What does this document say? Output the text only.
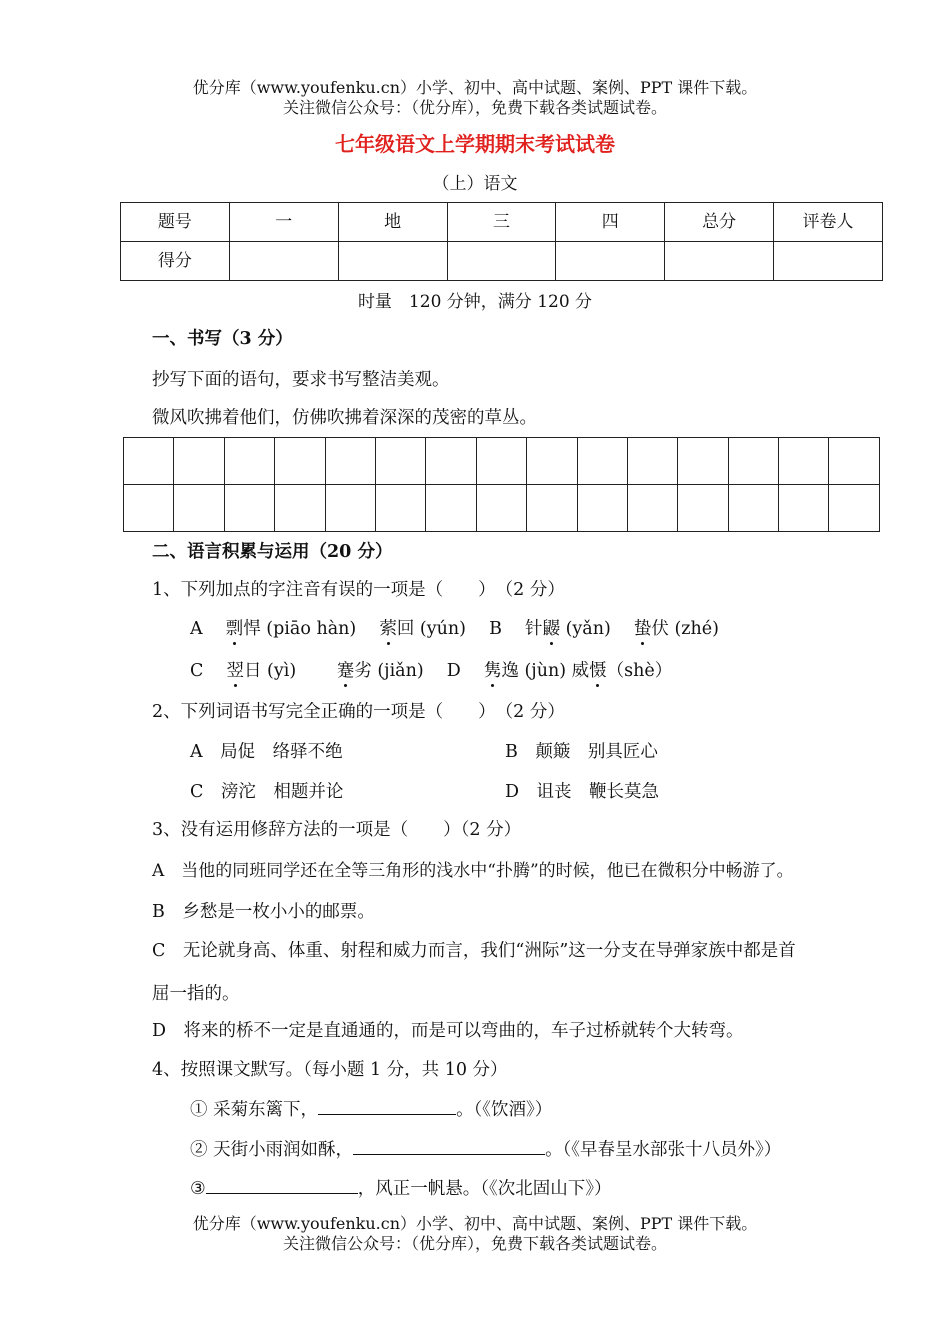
优分库（www.youfenku.cn）小学、初中、高中试题、案例、PPT 课件下载。
关注微信公众号：（优分库），免费下载各类试题试卷。
七年级语文上学期期末考试试卷
（上）语文
题号	一	地	三	四	总分	评卷人
得分						
时量　120 分钟，满分 120 分
一、书写（3 分）
抄写下面的语句，要求书写整洁美观。
微风吹拂着他们，仿佛吹拂着深深的茂密的草丛。

二、语言积累与运用（20 分）
1、下列加点的字注音有误的一项是（　　）　（2 分）
A　 剽悍 (piāo hàn)　 萦回 (yún)　 B　 针鼹 (yǎn)　 蛰伏 (zhé)
C　 翌日 (yì)　　 蹇劣 (jiǎn)　 D　 隽逸 (jùn) 威慑（shè）
2、下列词语书写完全正确的一项是（　　）　（2 分）
A　局促　络驿不绝	B　颠簸　别具匠心
C　滂沱　相题并论	D　诅丧　鞭长莫急
3、没有运用修辞方法的一项是（　　）（2 分）
A　当他的同班同学还在全等三角形的浅水中“扑腾”的时候，他已在微积分中畅游了。
B　乡愁是一枚小小的邮票。
C　无论就身高、体重、射程和威力而言，我们“洲际”这一分支在导弹家族中都是首
屈一指的。
D　将来的桥不一定是直通通的，而是可以弯曲的，车子过桥就转个大转弯。
4、按照课文默写。（每小题 1 分，共 10 分）
① 采菊东篱下，	。（《饮酒》）
② 天街小雨润如酥，	。（《早春呈水部张十八员外》）
③	，风正一帆悬。（《次北固山下》）
优分库（www.youfenku.cn）小学、初中、高中试题、案例、PPT 课件下载。
关注微信公众号：（优分库），免费下载各类试题试卷。
